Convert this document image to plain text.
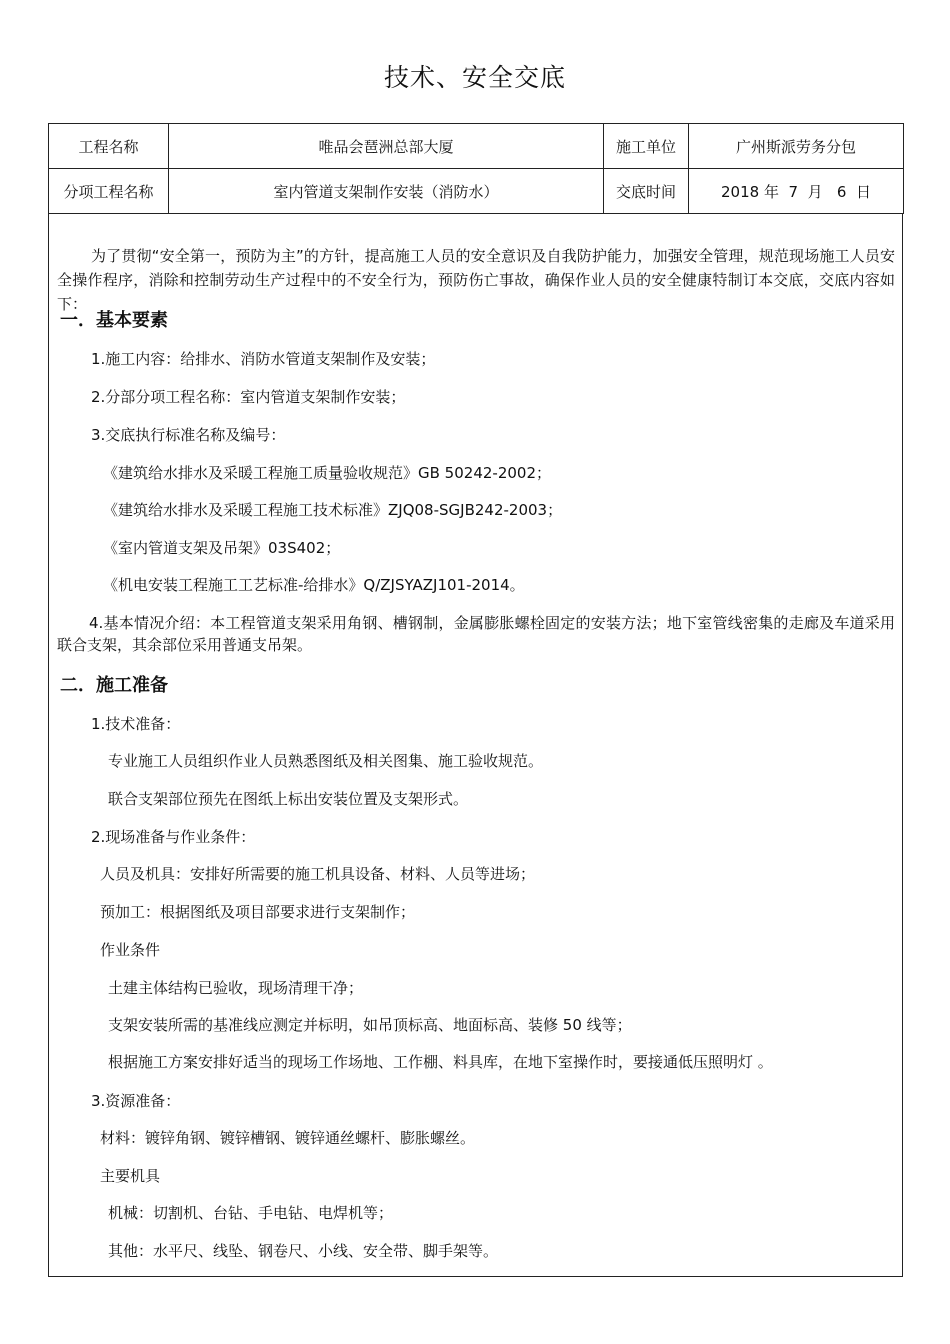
技术、安全交底
工程名称	唯品会琶洲总部大厦	施工单位	广州斯派劳务分包
分项工程名称	室内管道支架制作安装（消防水）	交底时间	2018 年  7  月   6  日
为了贯彻“安全第一，预防为主”的方针，提高施工人员的安全意识及自我防护能力，加强安全管理，规范现场施工人员安全操作程序，消除和控制劳动生产过程中的不安全行为，预防伤亡事故，确保作业人员的安全健康特制订本交底，交底内容如下：
一．基本要素
1.施工内容：给排水、消防水管道支架制作及安装；
2.分部分项工程名称：室内管道支架制作安装；
3.交底执行标准名称及编号：
《建筑给水排水及采暖工程施工质量验收规范》GB 50242-2002；
《建筑给水排水及采暖工程施工技术标准》ZJQ08-SGJB242-2003；
《室内管道支架及吊架》03S402；
《机电安装工程施工工艺标准-给排水》Q/ZJSYAZJ101-2014。
4.基本情况介绍：本工程管道支架采用角钢、槽钢制，金属膨胀螺栓固定的安装方法；地下室管线密集的走廊及车道采用联合支架，其余部位采用普通支吊架。
二．施工准备
1.技术准备：
专业施工人员组织作业人员熟悉图纸及相关图集、施工验收规范。
联合支架部位预先在图纸上标出安装位置及支架形式。
2.现场准备与作业条件：
人员及机具：安排好所需要的施工机具设备、材料、人员等进场；
预加工：根据图纸及项目部要求进行支架制作；
作业条件
土建主体结构已验收，现场清理干净；
支架安装所需的基准线应测定并标明，如吊顶标高、地面标高、装修 50 线等；
根据施工方案安排好适当的现场工作场地、工作棚、料具库，在地下室操作时，要接通低压照明灯 。
3.资源准备：
材料：镀锌角钢、镀锌槽钢、镀锌通丝螺杆、膨胀螺丝。
主要机具
机械：切割机、台钻、手电钻、电焊机等；
其他：水平尺、线坠、钢卷尺、小线、安全带、脚手架等。
